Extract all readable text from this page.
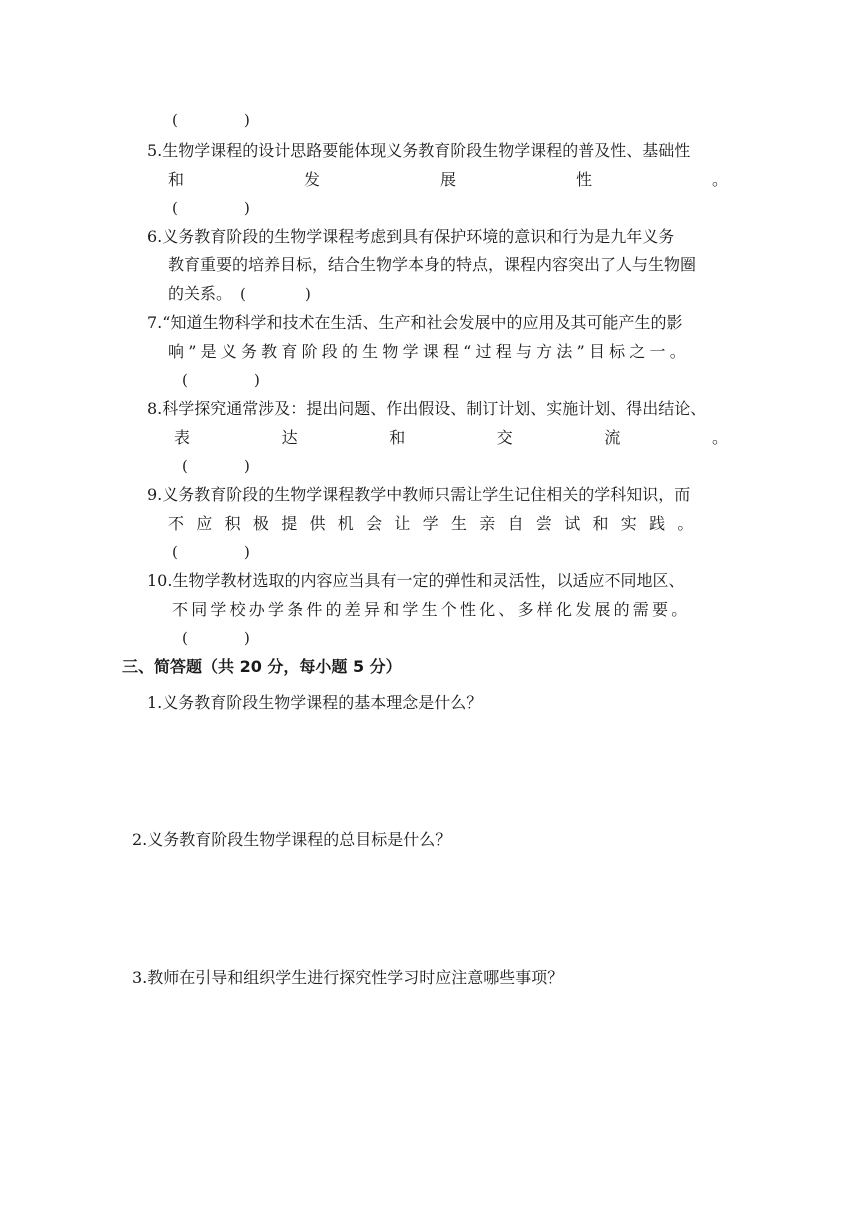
(	)
5.生物学课程的设计思路要能体现义务教育阶段生物学课程的普及性、基础性
和	发	展	性	。
(	)
6.义务教育阶段的生物学课程考虑到具有保护环境的意识和行为是九年义务
教育重要的培养目标，结合生物学本身的特点，课程内容突出了人与生物圈
的关系。 (	)
7.“知道生物科学和技术在生活、生产和社会发展中的应用及其可能产生的影
响”是义务教育阶段的生物学课程“过程与方法”目标之一。
(	)
8.科学探究通常涉及：提出问题、作出假设、制订计划、实施计划、得出结论、
表	达	和	交	流	。
(	)
9.义务教育阶段的生物学课程教学中教师只需让学生记住相关的学科知识，而
不应积极提供机会让学生亲自尝试和实践。
(	)
10.生物学教材选取的内容应当具有一定的弹性和灵活性，以适应不同地区、
不同学校办学条件的差异和学生个性化、多样化发展的需要。
(	)
三、简答题（共 20 分，每小题 5 分）
1.义务教育阶段生物学课程的基本理念是什么？
2.义务教育阶段生物学课程的总目标是什么？
3.教师在引导和组织学生进行探究性学习时应注意哪些事项？
